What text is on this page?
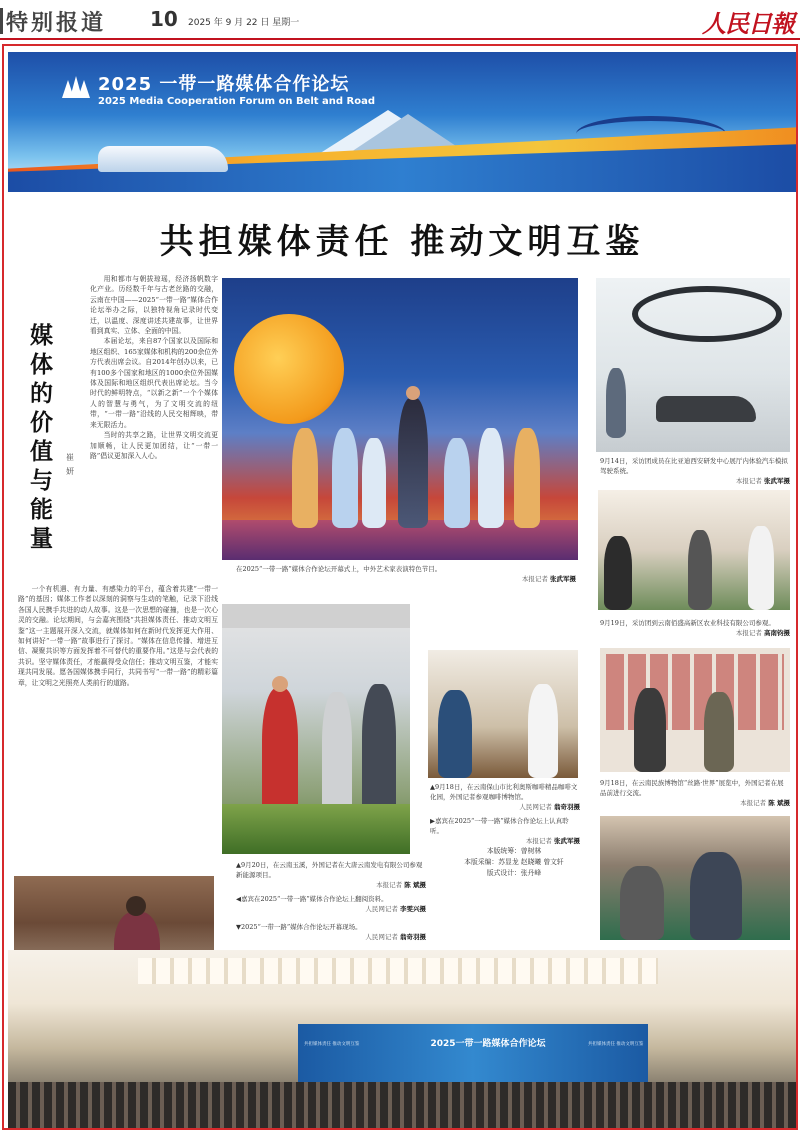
特别报道 10 2025 年 9 月 22 日 星期一	人民日報
2025 一带一路媒体合作论坛
2025 Media Cooperation Forum on Belt and Road
共担媒体责任 推动文明互鉴
媒体的价值与能量
崔 妍

用和都市与朝拔琼瑶，经济扬帆数字化产业。历经数千年与古老丝路的交融，云南在中国——2025“一带一路”媒体合作论坛举办之际，以独特视角记录时代变迁，以温度、深度讲述共建故事，让世界看到真实、立体、全面的中国。

本届论坛，来自87个国家以及国际和地区组织、165家媒体和机构的200余位外方代表出席会议。自2014年创办以来，已有100多个国家和地区的1000余位外国媒体及国际和地区组织代表出席论坛。当今时代的鲜明特点，“以新之新”一个个媒体人的智慧与勇气，为了文明交流的纽带，“一带一路”沿线的人民交相辉映，带来无限活力。

当时的共享之路，让世界文明交流更加顺畅，让人民更加团结，让“一带一路”倡议更加深入人心。

一个有机遇、有力量、有感染力的平台，蕴含着共建“一带一路”的基因；媒体工作者以深刻的洞察与生动的笔触，记录下沿线各国人民携手共进的动人故事。这是一次思想的碰撞，也是一次心灵的交融。论坛期间，与会嘉宾围绕“共担媒体责任、推动文明互鉴”这一主题展开深入交流，就媒体如何在新时代发挥更大作用、如何讲好“一带一路”故事进行了探讨。“媒体在信息传播、增进互信、凝聚共识等方面发挥着不可替代的重要作用。”这是与会代表的共识。坚守媒体责任，才能赢得受众信任；推动文明互鉴，才能实现共同发展。愿各国媒体携手同行，共同书写“一带一路”的精彩篇章，让文明之光照亮人类前行的道路。

在2025“一带一路”媒体合作论坛开幕式上，中外艺术家表演特色节目。
本报记者 张武军摄
9月14日，采访团成员在比亚迪西安研发中心展厅内体验汽车模拟驾驶系统。
本报记者 张武军摄
9月19日，采访团到云南佰盛高新区农业科技有限公司参观。
本报记者 高南钧摄
9月18日，在云南民族博物馆“丝路·世界”展览中，外国记者在展品前进行交流。
本报记者 陈 斌摄
▲9月18日，在云南保山市比利奥斯咖啡精品咖啡文化园，外国记者参观咖啡博物馆。
人民网记者 翁奇羽摄
▶嘉宾在2025“一带一路”媒体合作论坛上认真聆听。
本报记者 张武军摄
本版统筹：曾树林
本版采编：苏显龙 赵晓曦 曾文轩
版式设计：张丹峰
▲9月20日，在云南玉溪，外国记者在大唐云南发电有限公司参观新能源项目。
本报记者 陈 斌摄
◀嘉宾在2025“一带一路”媒体合作论坛上翻阅资料。
人民网记者 李雯兴摄
▼2025“一带一路”媒体合作论坛开幕现场。
人民网记者 翁奇羽摄
2025一带一路媒体合作论坛
共担媒体责任 推动文明互鉴	共担媒体责任 推动文明互鉴
